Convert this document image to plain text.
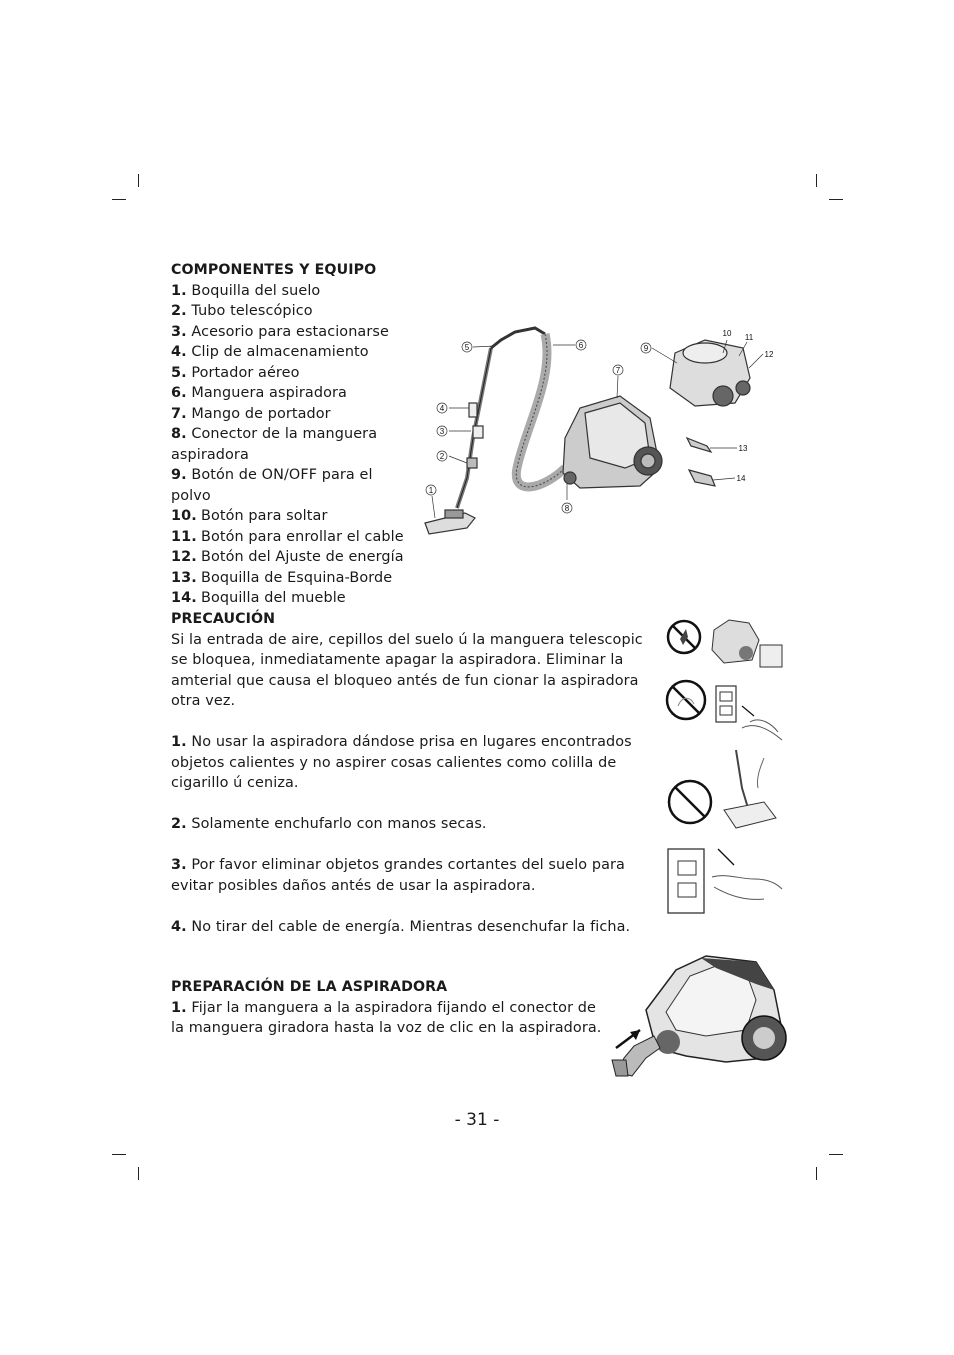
COMPONENTES Y EQUIPO
1. Boquilla del suelo
2. Tubo telescópico
3. Acesorio para estacionarse
4. Clip de almacenamiento
5. Portador aéreo
6. Manguera aspiradora
7. Mango de portador
8. Conector de la manguera aspiradora
9. Botón de ON/OFF para el polvo
10. Botón para soltar
11. Botón para enrollar el cable
12. Botón del Ajuste de energía
13. Boquilla de Esquina-Borde
14. Boquilla del mueble
1
2
3
4
5	6
7
8
9
10 11
12
13
14
PRECAUCIÓN

Si la entrada de aire, cepillos del suelo ú la manguera telescopic se bloquea, inmediatamente apagar la aspiradora. Eliminar la amterial que causa el bloqueo antés de fun cionar la aspiradora otra vez.

1. No usar la aspiradora dándose prisa en lugares encontrados objetos calientes y no aspirer cosas calientes como colilla de cigarillo ú ceniza.

2. Solamente enchufarlo con manos secas.

3. Por favor eliminar objetos grandes cortantes del suelo para evitar posibles daños antés de usar la aspiradora.

4. No tirar del cable de energía. Mientras desenchufar la ficha.

PREPARACIÓN DE LA ASPIRADORA

1. Fijar la manguera a la aspiradora fijando el conector de la manguera giradora hasta la voz de clic en la aspiradora.

- 31 -
